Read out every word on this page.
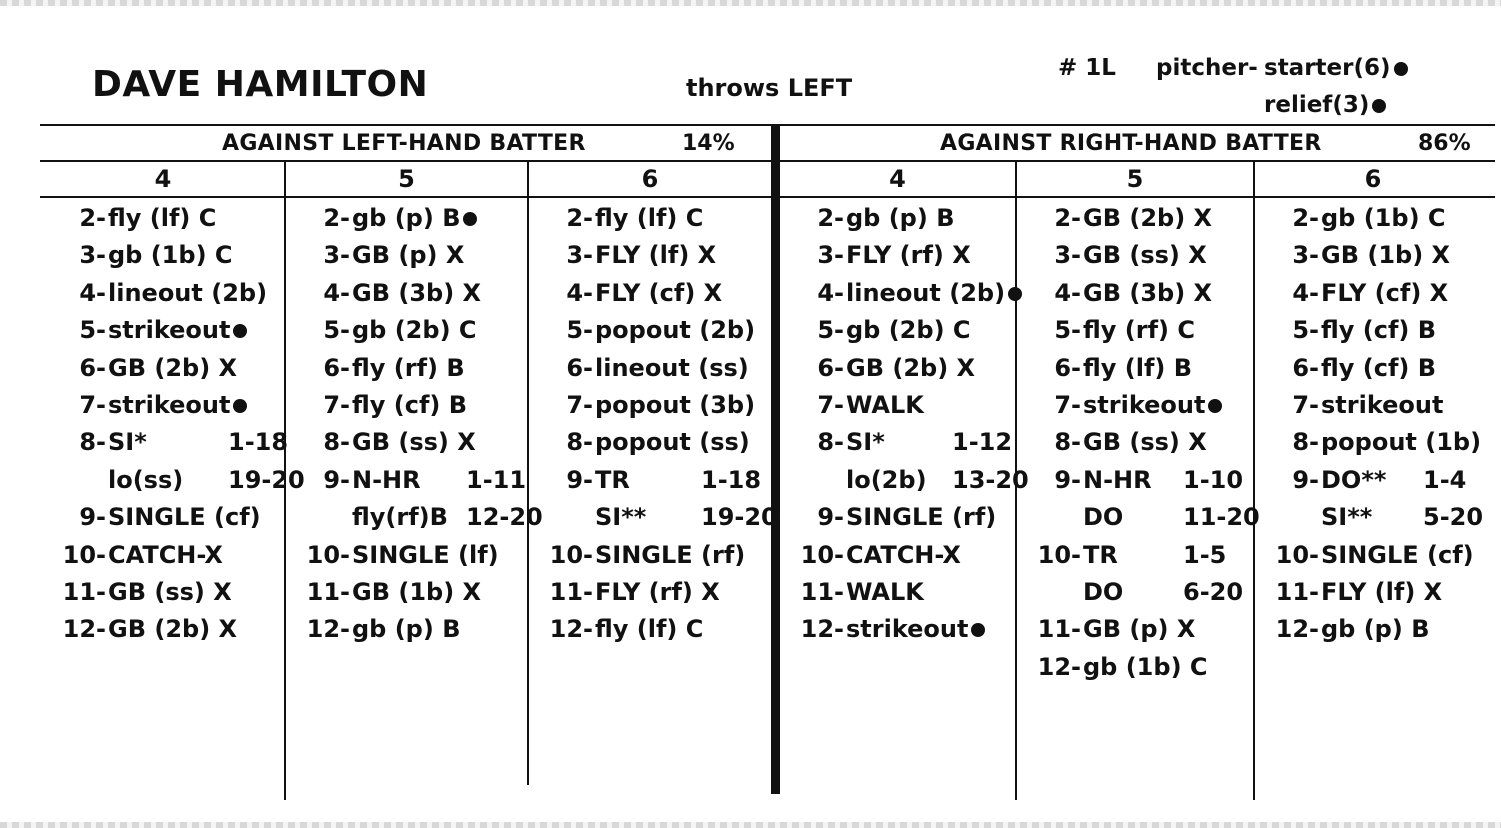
DAVE HAMILTON	throws LEFT
# 1L pitcher- starter(6)
relief(3)
AGAINST LEFT-HAND BATTER	14%	AGAINST RIGHT-HAND BATTER	86%
4	5	6	4	5	6
2- fly (lf) C
3- gb (1b) C
4- lineout (2b)
5- strikeout
6- GB (2b) X
7- strikeout
8- SI*	1-18
lo(ss) 19-20
9- SINGLE (cf)
10- CATCH-X
11- GB (ss) X
12- GB (2b) X
2- gb (p) B
3- GB (p) X
4- GB (3b) X
5- gb (2b) C
6- fly (rf) B
7- fly (cf) B
8- GB (ss) X
9- N-HR 1-11
fly(rf)B 12-20
10- SINGLE (lf)
11- GB (1b) X
12- gb (p) B
2- fly (lf) C
3- FLY (lf) X
4- FLY (cf) X
5- popout (2b)
6- lineout (ss)
7- popout (3b)
8- popout (ss)
9- TR	1-18
SI** 19-20
10- SINGLE (rf)
11- FLY (rf) X
12- fly (lf) C
2- gb (p) B
3- FLY (rf) X
4- lineout (2b)
5- gb (2b) C
6- GB (2b) X
7- WALK
8- SI*	1-12
lo(2b) 13-20
9- SINGLE (rf)
10- CATCH-X
11- WALK
12- strikeout
2- GB (2b) X
3- GB (ss) X
4- GB (3b) X
5- fly (rf) C
6- fly (lf) B
7- strikeout
8- GB (ss) X
9- N-HR 1-10
DO 11-20
10- TR	1-5
DO 6-20
11- GB (p) X
12- gb (1b) C
2- gb (1b) C
3- GB (1b) X
4- FLY (cf) X
5- fly (cf) B
6- fly (cf) B
7- strikeout
8- popout (1b)
9- DO** 1-4
SI** 5-20
10- SINGLE (cf)
11- FLY (lf) X
12- gb (p) B
